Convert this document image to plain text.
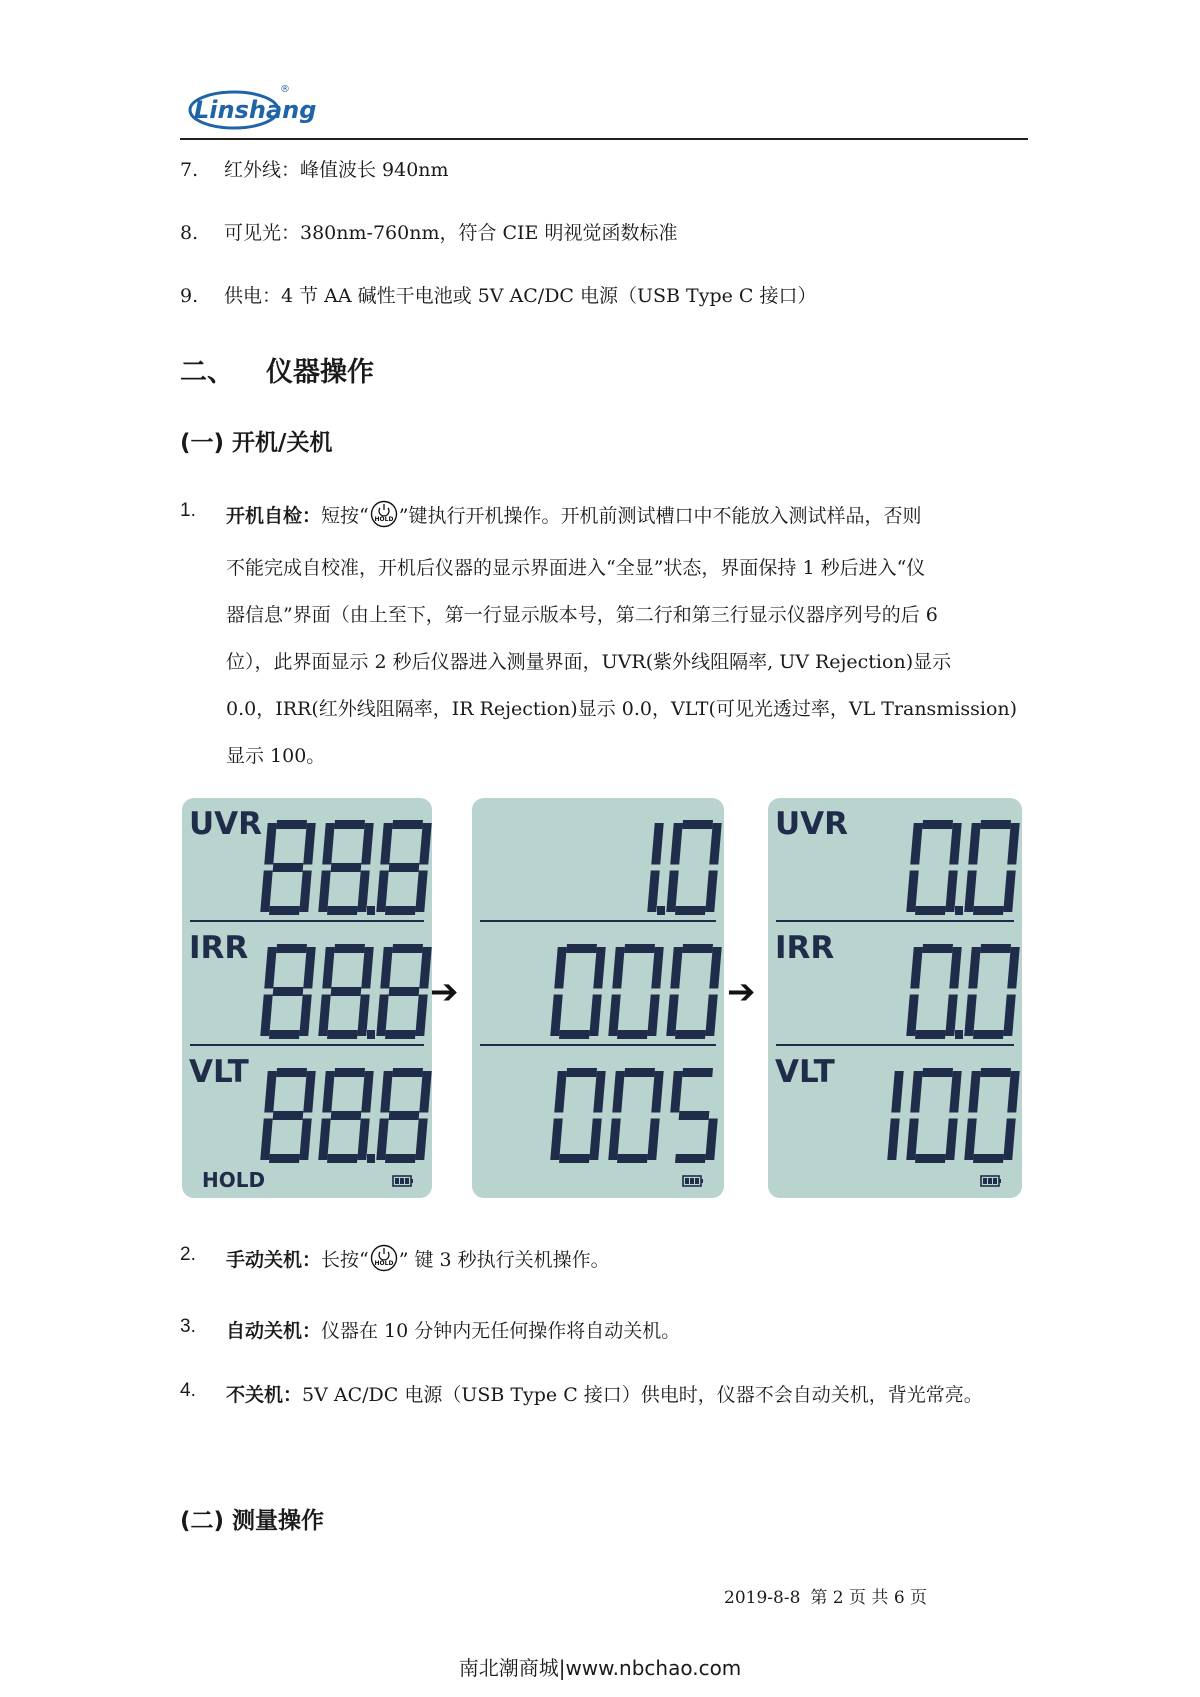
Linshang
®
7. 红外线：峰值波长 940nm
8. 可见光：380nm-760nm，符合 CIE 明视觉函数标准
9. 供电：4 节 AA 碱性干电池或 5V AC/DC 电源（USB Type C 接口）
二、 仪器操作
(一) 开机/关机
1. 开机自检：短按“ HOLD ”键执行开机操作。开机前测试槽口中不能放入测试样品，否则
不能完成自校准，开机后仪器的显示界面进入“全显”状态，界面保持 1 秒后进入“仪
器信息”界面（由上至下，第一行显示版本号，第二行和第三行显示仪器序列号的后 6
位），此界面显示 2 秒后仪器进入测量界面，UVR(紫外线阻隔率, UV Rejection)显示
0.0，IRR(红外线阻隔率，IR Rejection)显示 0.0，VLT(可见光透过率，VL Transmission)
显示 100。
UVR
IRR
VLT
HOLD
➔	➔
UVR
IRR
VLT
2. 手动关机：长按“ HOLD ” 键 3 秒执行关机操作。
3. 自动关机：仪器在 10 分钟内无任何操作将自动关机。
4. 不关机：5V AC/DC 电源（USB Type C 接口）供电时，仪器不会自动关机，背光常亮。
(二) 测量操作
2019-8-8 第 2 页 共 6 页
南北潮商城|www.nbchao.com
